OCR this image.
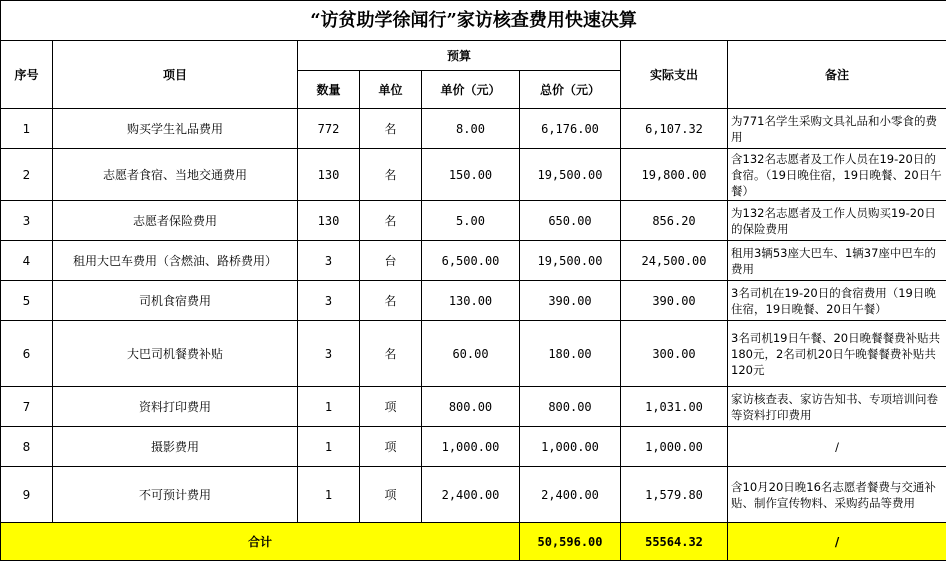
“访贫助学徐闻行”家访核查费用快速决算							
序号	项目	预算				实际支出	备注
		数量	单位	单价（元）	总价（元）		
1	购买学生礼品费用	772	名	8.00	6,176.00	6,107.32	为771名学生采购文具礼品和小零食的费用
2	志愿者食宿、当地交通费用	130	名	150.00	19,500.00	19,800.00	含132名志愿者及工作人员在19-20日的食宿。（19日晚住宿，19日晚餐、20日午餐）
3	志愿者保险费用	130	名	5.00	650.00	856.20	为132名志愿者及工作人员购买19-20日的保险费用
4	租用大巴车费用（含燃油、路桥费用）	3	台	6,500.00	19,500.00	24,500.00	租用3辆53座大巴车、1辆37座中巴车的费用
5	司机食宿费用	3	名	130.00	390.00	390.00	3名司机在19-20日的食宿费用（19日晚住宿，19日晚餐、20日午餐）
6	大巴司机餐费补贴	3	名	60.00	180.00	300.00	3名司机19日午餐、20日晚餐餐费补贴共180元，2名司机20日午晚餐餐费补贴共120元
7	资料打印费用	1	项	800.00	800.00	1,031.00	家访核查表、家访告知书、专项培训问卷等资料打印费用
8	摄影费用	1	项	1,000.00	1,000.00	1,000.00	/
9	不可预计费用	1	项	2,400.00	2,400.00	1,579.80	含10月20日晚16名志愿者餐费与交通补贴、制作宣传物料、采购药品等费用
合计					50,596.00	55564.32	/
